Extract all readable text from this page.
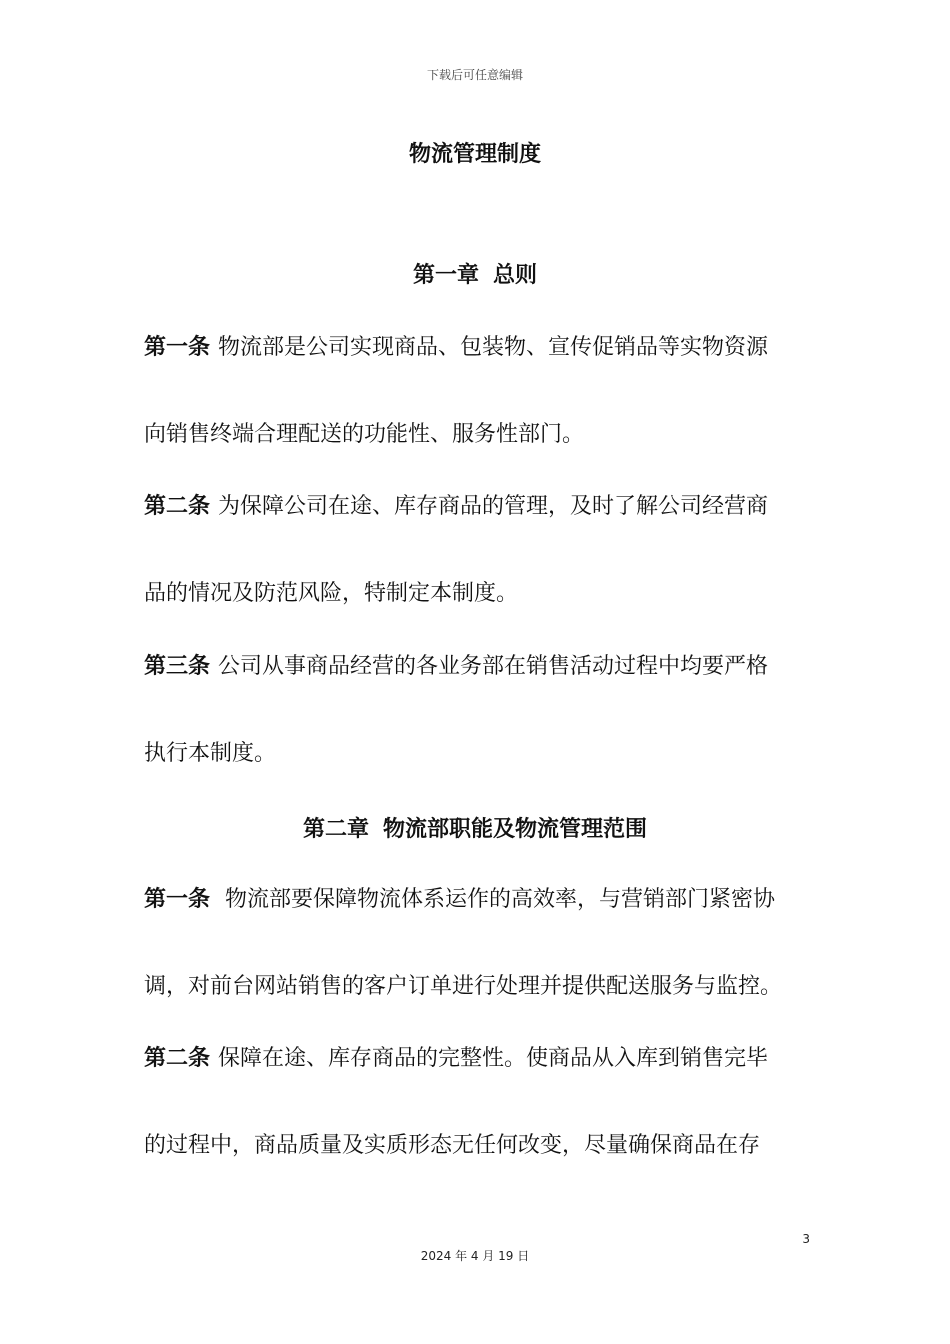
下载后可任意编辑
物流管理制度
第一章 总则
第一条 物流部是公司实现商品、包装物、宣传促销品等实物资源
向销售终端合理配送的功能性、服务性部门。
第二条 为保障公司在途、库存商品的管理，及时了解公司经营商
品的情况及防范风险，特制定本制度。
第三条 公司从事商品经营的各业务部在销售活动过程中均要严格
执行本制度。
第二章 物流部职能及物流管理范围
第一条 物流部要保障物流体系运作的高效率，与营销部门紧密协
调，对前台网站销售的客户订单进行处理并提供配送服务与监控。
第二条 保障在途、库存商品的完整性。使商品从入库到销售完毕
的过程中，商品质量及实质形态无任何改变，尽量确保商品在存
3
2024 年 4 月 19 日
